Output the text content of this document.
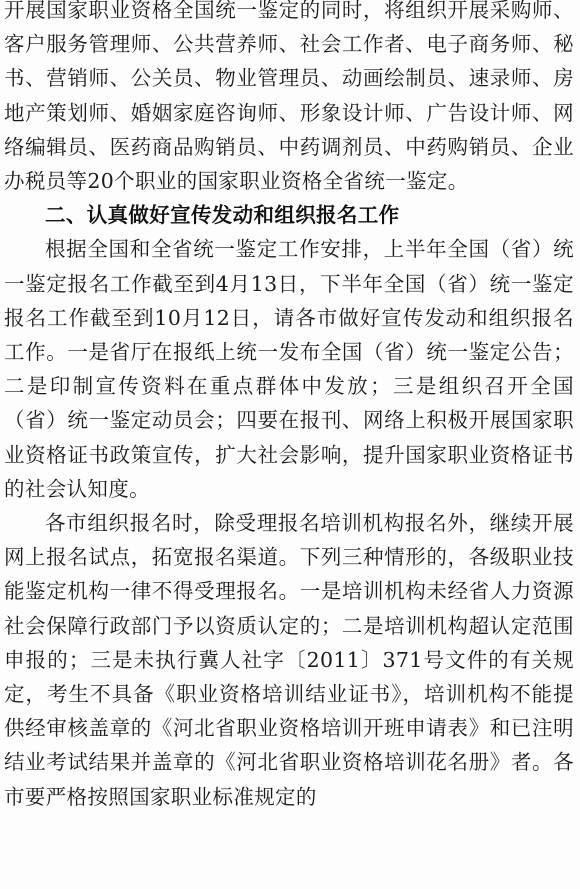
开展国家职业资格全国统一鉴定的同时，将组织开展采购师、客户服务管理师、公共营养师、社会工作者、电子商务师、秘书、营销师、公关员、物业管理员、动画绘制员、速录师、房地产策划师、婚姻家庭咨询师、形象设计师、广告设计师、网络编辑员、医药商品购销员、中药调剂员、中药购销员、企业办税员等20个职业的国家职业资格全省统一鉴定。

二、认真做好宣传发动和组织报名工作

根据全国和全省统一鉴定工作安排，上半年全国（省）统一鉴定报名工作截至到4月13日，下半年全国（省）统一鉴定报名工作截至到10月12日，请各市做好宣传发动和组织报名工作。一是省厅在报纸上统一发布全国（省）统一鉴定公告；二是印制宣传资料在重点群体中发放；三是组织召开全国（省）统一鉴定动员会；四要在报刊、网络上积极开展国家职业资格证书政策宣传，扩大社会影响，提升国家职业资格证书的社会认知度。

各市组织报名时，除受理报名培训机构报名外，继续开展网上报名试点，拓宽报名渠道。下列三种情形的，各级职业技能鉴定机构一律不得受理报名。一是培训机构未经省人力资源社会保障行政部门予以资质认定的；二是培训机构超认定范围申报的；三是未执行冀人社字〔2011〕371号文件的有关规定，考生不具备《职业资格培训结业证书》，培训机构不能提供经审核盖章的《河北省职业资格培训开班申请表》和已注明结业考试结果并盖章的《河北省职业资格培训花名册》者。各市要严格按照国家职业标准规定的
